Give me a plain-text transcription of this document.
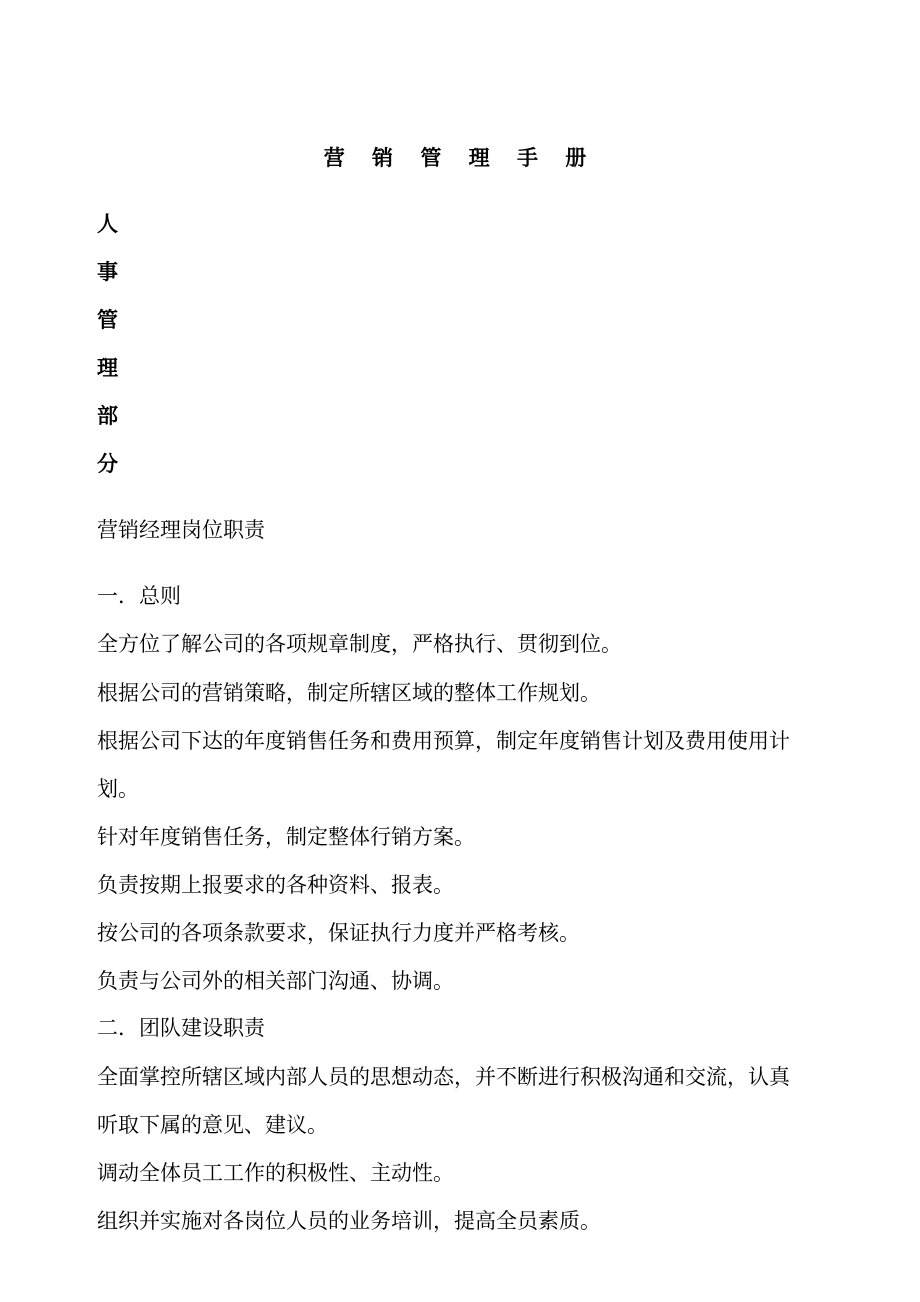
营 销 管 理 手 册
人
事
管
理
部
分
营销经理岗位职责
一．总则
全方位了解公司的各项规章制度，严格执行、贯彻到位。
根据公司的营销策略，制定所辖区域的整体工作规划。
根据公司下达的年度销售任务和费用预算，制定年度销售计划及费用使用计
划。
针对年度销售任务，制定整体行销方案。
负责按期上报要求的各种资料、报表。
按公司的各项条款要求，保证执行力度并严格考核。
负责与公司外的相关部门沟通、协调。
二．团队建设职责
全面掌控所辖区域内部人员的思想动态，并不断进行积极沟通和交流，认真
听取下属的意见、建议。
调动全体员工工作的积极性、主动性。
组织并实施对各岗位人员的业务培训，提高全员素质。
